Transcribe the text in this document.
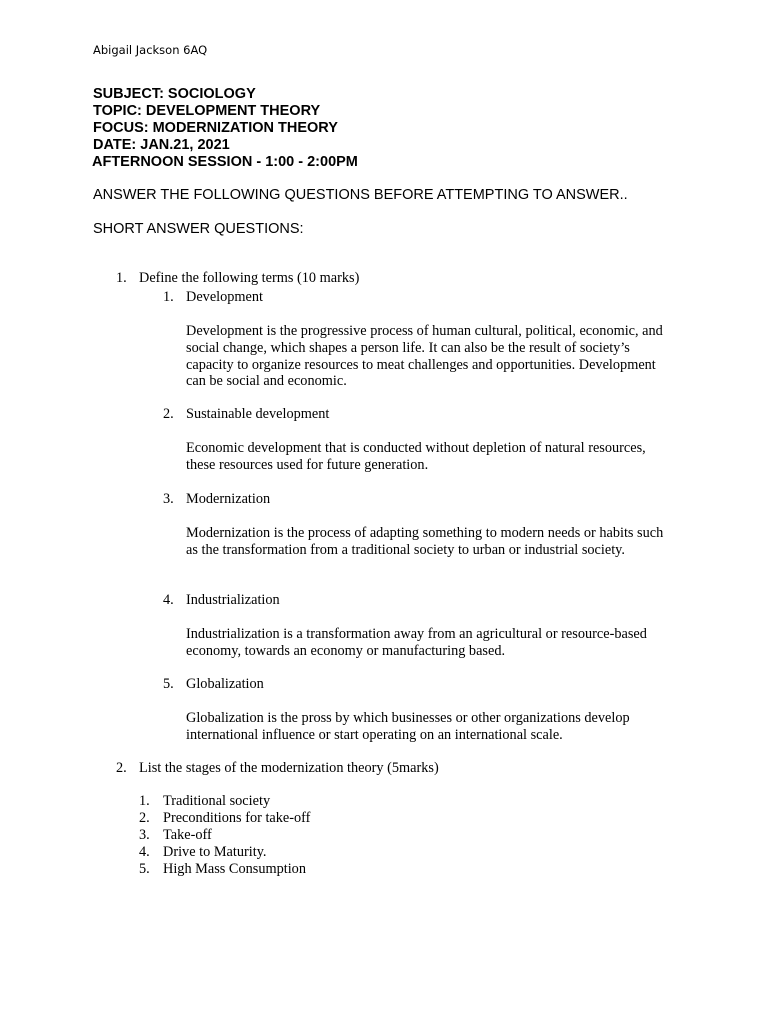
Abigail Jackson 6AQ
SUBJECT: SOCIOLOGY
TOPIC: DEVELOPMENT THEORY
FOCUS: MODERNIZATION THEORY
DATE: JAN.21, 2021
AFTERNOON SESSION - 1:00 - 2:00PM
ANSWER THE FOLLOWING QUESTIONS BEFORE ATTEMPTING TO ANSWER..
SHORT ANSWER QUESTIONS:
1. Define the following terms (10 marks)
1. Development
Development is the progressive process of human cultural, political, economic, and social change, which shapes a person life. It can also be the result of society’s capacity to organize resources to meat challenges and opportunities. Development can be social and economic.
2. Sustainable development
Economic development that is conducted without depletion of natural resources, these resources used for future generation.
3. Modernization
Modernization is the process of adapting something to modern needs or habits such as the transformation from a traditional society to urban or industrial society.
4. Industrialization
Industrialization is a transformation away from an agricultural or resource-based economy, towards an economy or manufacturing based.
5. Globalization
Globalization is the pross by which businesses or other organizations develop international influence or start operating on an international scale.
2. List the stages of the modernization theory (5marks)
1. Traditional society
2. Preconditions for take-off
3. Take-off
4. Drive to Maturity.
5. High Mass Consumption
